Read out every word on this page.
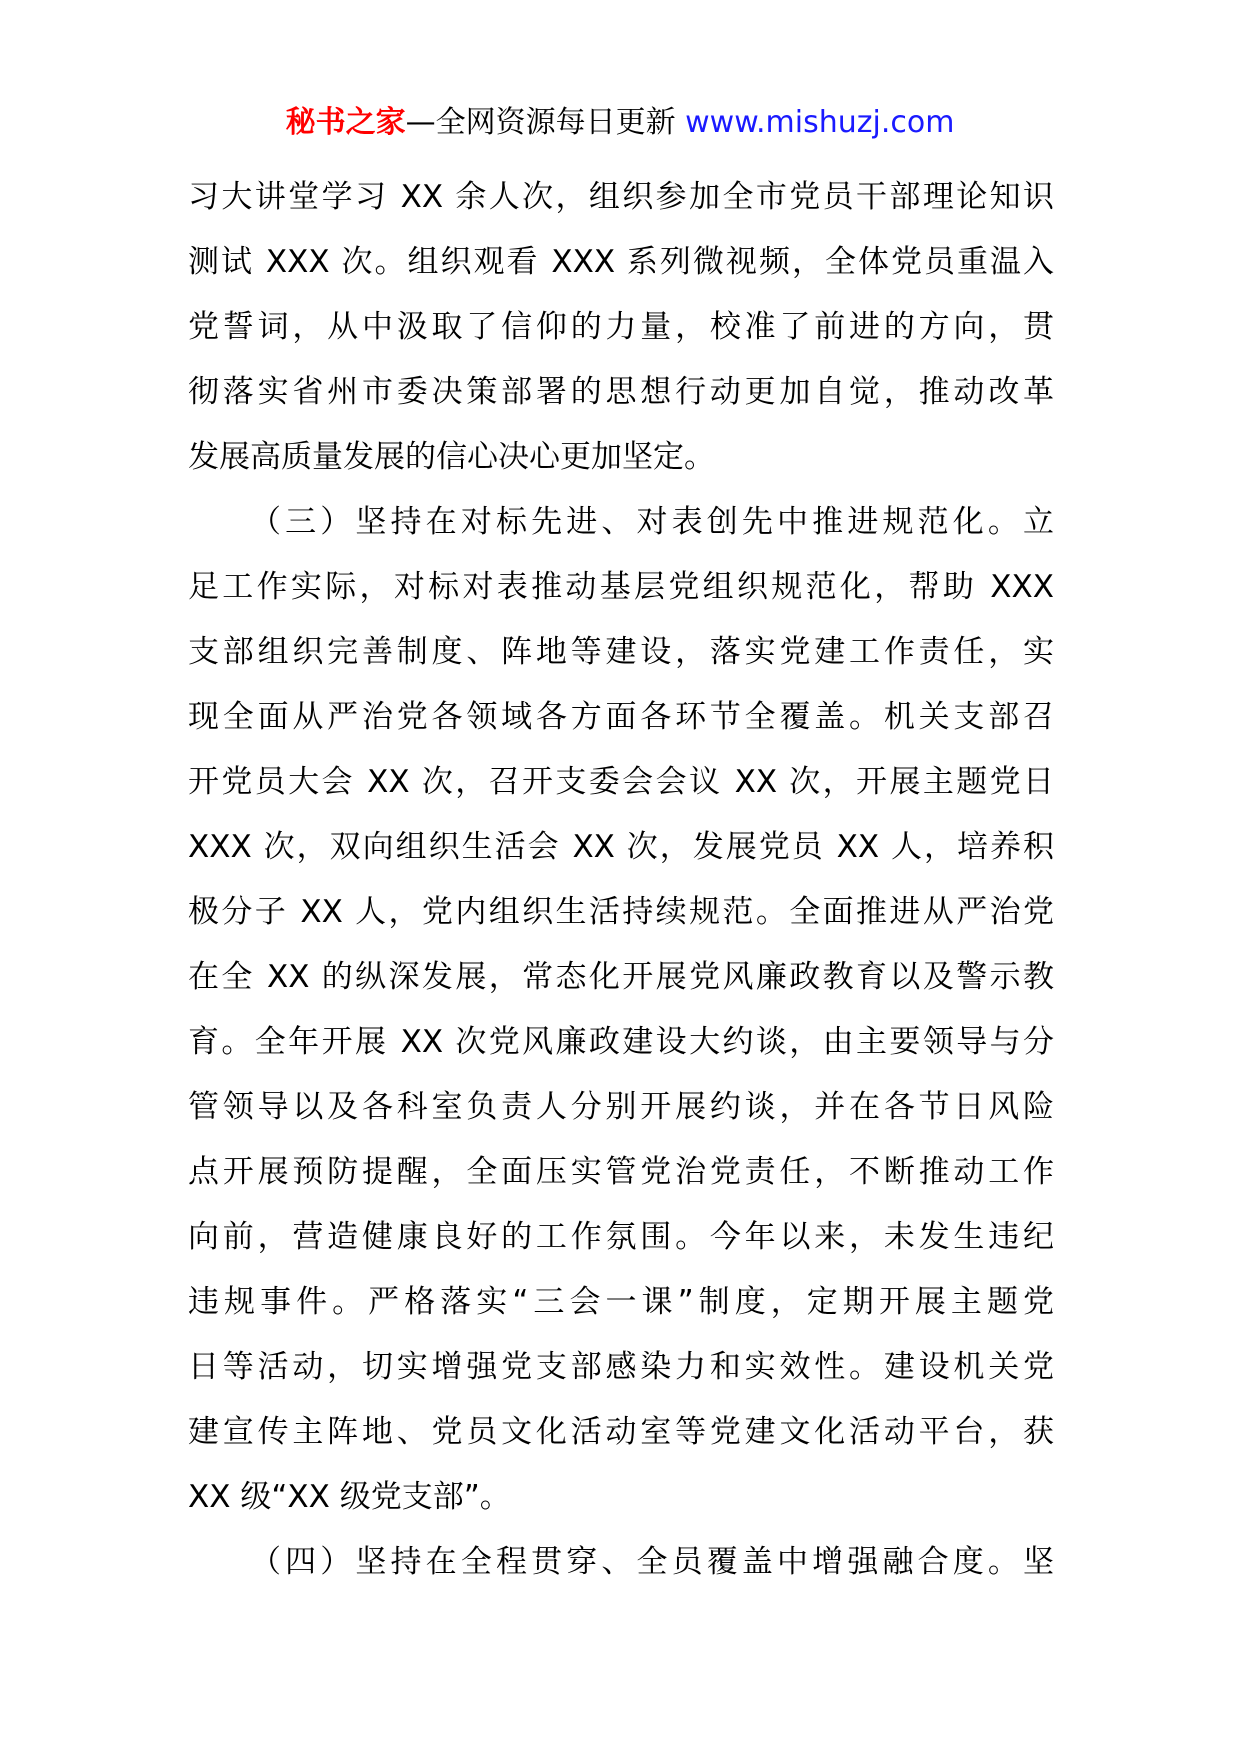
秘书之家—全网资源每日更新 www.mishuzj.com
习大讲堂学习 XX 余人次，组织参加全市党员干部理论知识
测试 XXX 次。组织观看 XXX 系列微视频，全体党员重温入
党誓词，从中汲取了信仰的力量，校准了前进的方向，贯
彻落实省州市委决策部署的思想行动更加自觉，推动改革
发展高质量发展的信心决心更加坚定。
（三）坚持在对标先进、对表创先中推进规范化。立
足工作实际，对标对表推动基层党组织规范化，帮助 XXX
支部组织完善制度、阵地等建设，落实党建工作责任，实
现全面从严治党各领域各方面各环节全覆盖。机关支部召
开党员大会 XX 次，召开支委会会议 XX 次，开展主题党日
XXX 次，双向组织生活会 XX 次，发展党员 XX 人，培养积
极分子 XX 人，党内组织生活持续规范。全面推进从严治党
在全 XX 的纵深发展，常态化开展党风廉政教育以及警示教
育。全年开展 XX 次党风廉政建设大约谈，由主要领导与分
管领导以及各科室负责人分别开展约谈，并在各节日风险
点开展预防提醒，全面压实管党治党责任，不断推动工作
向前，营造健康良好的工作氛围。今年以来，未发生违纪
违规事件。严格落实“三会一课”制度，定期开展主题党
日等活动，切实增强党支部感染力和实效性。建设机关党
建宣传主阵地、党员文化活动室等党建文化活动平台，获
XX 级“XX 级党支部”。
（四）坚持在全程贯穿、全员覆盖中增强融合度。坚
